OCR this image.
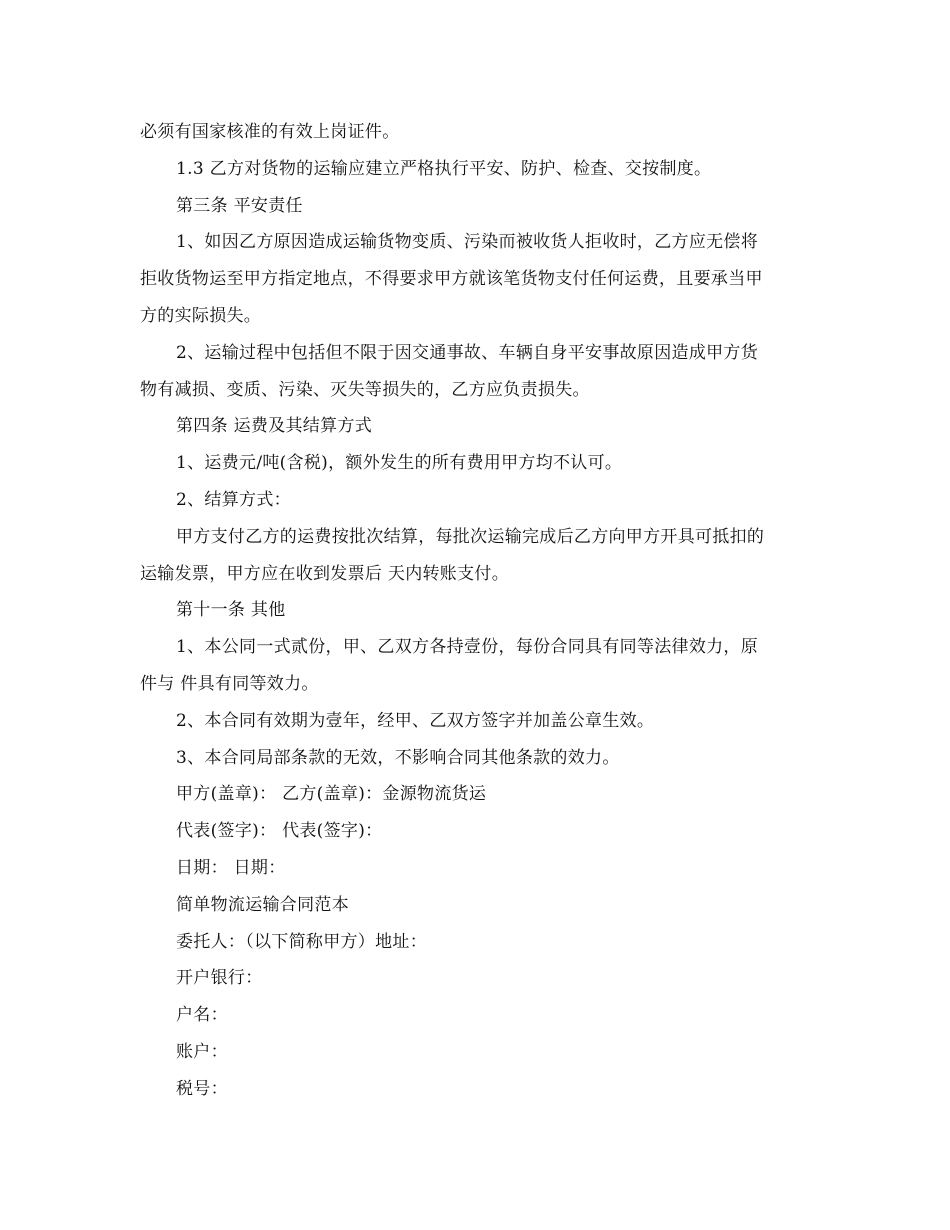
必须有国家核准的有效上岗证件。

1.3 乙方对货物的运输应建立严格执行平安、防护、检查、交按制度。

第三条 平安责任

1、如因乙方原因造成运输货物变质、污染而被收货人拒收时，乙方应无偿将

拒收货物运至甲方指定地点，不得要求甲方就该笔货物支付任何运费，且要承当甲

方的实际损失。

2、运输过程中包括但不限于因交通事故、车辆自身平安事故原因造成甲方货

物有减损、变质、污染、灭失等损失的，乙方应负责损失。

第四条 运费及其结算方式

1、运费元/吨(含税)，额外发生的所有费用甲方均不认可。

2、结算方式：

甲方支付乙方的运费按批次结算，每批次运输完成后乙方向甲方开具可抵扣的

运输发票，甲方应在收到发票后 天内转账支付。

第十一条 其他

1、本公同一式贰份，甲、乙双方各持壹份，每份合同具有同等法律效力，原

件与 件具有同等效力。

2、本合同有效期为壹年，经甲、乙双方签字并加盖公章生效。

3、本合同局部条款的无效，不影响合同其他条款的效力。

甲方(盖章)： 乙方(盖章)：金源物流货运

代表(签字)： 代表(签字)：

日期： 日期：

简单物流运输合同范本

委托人：（以下简称甲方）地址：

开户银行：

户名：

账户：

税号：
